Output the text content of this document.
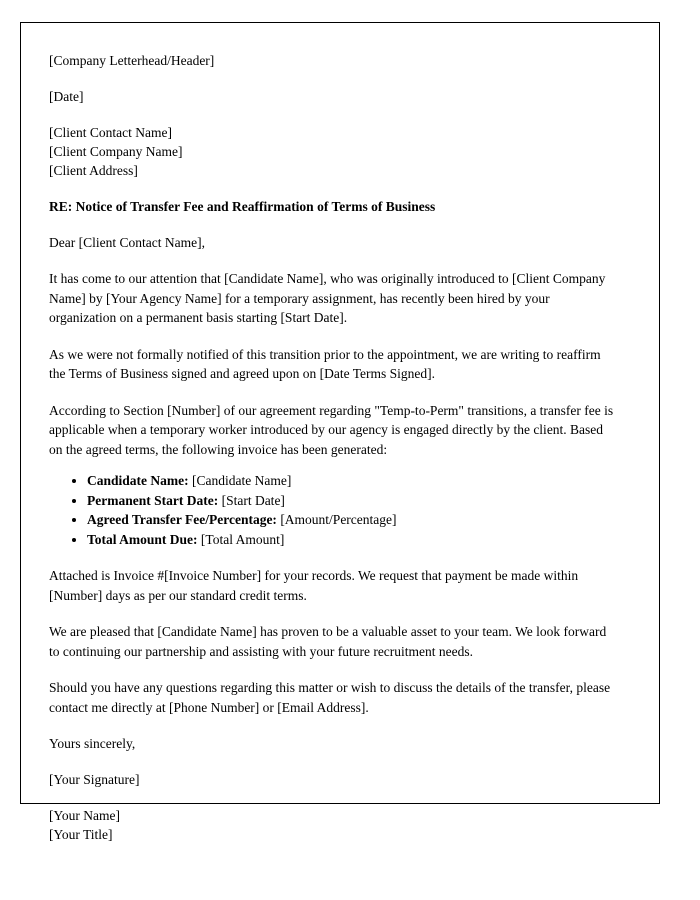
[Company Letterhead/Header]
[Date]
[Client Contact Name]
[Client Company Name]
[Client Address]
RE: Notice of Transfer Fee and Reaffirmation of Terms of Business
Dear [Client Contact Name],
It has come to our attention that [Candidate Name], who was originally introduced to [Client Company Name] by [Your Agency Name] for a temporary assignment, has recently been hired by your organization on a permanent basis starting [Start Date].
As we were not formally notified of this transition prior to the appointment, we are writing to reaffirm the Terms of Business signed and agreed upon on [Date Terms Signed].
According to Section [Number] of our agreement regarding "Temp-to-Perm" transitions, a transfer fee is applicable when a temporary worker introduced by our agency is engaged directly by the client. Based on the agreed terms, the following invoice has been generated:
• Candidate Name: [Candidate Name]
• Permanent Start Date: [Start Date]
• Agreed Transfer Fee/Percentage: [Amount/Percentage]
• Total Amount Due: [Total Amount]
Attached is Invoice #[Invoice Number] for your records. We request that payment be made within [Number] days as per our standard credit terms.
We are pleased that [Candidate Name] has proven to be a valuable asset to your team. We look forward to continuing our partnership and assisting with your future recruitment needs.
Should you have any questions regarding this matter or wish to discuss the details of the transfer, please contact me directly at [Phone Number] or [Email Address].
Yours sincerely,
[Your Signature]
[Your Name]
[Your Title]
